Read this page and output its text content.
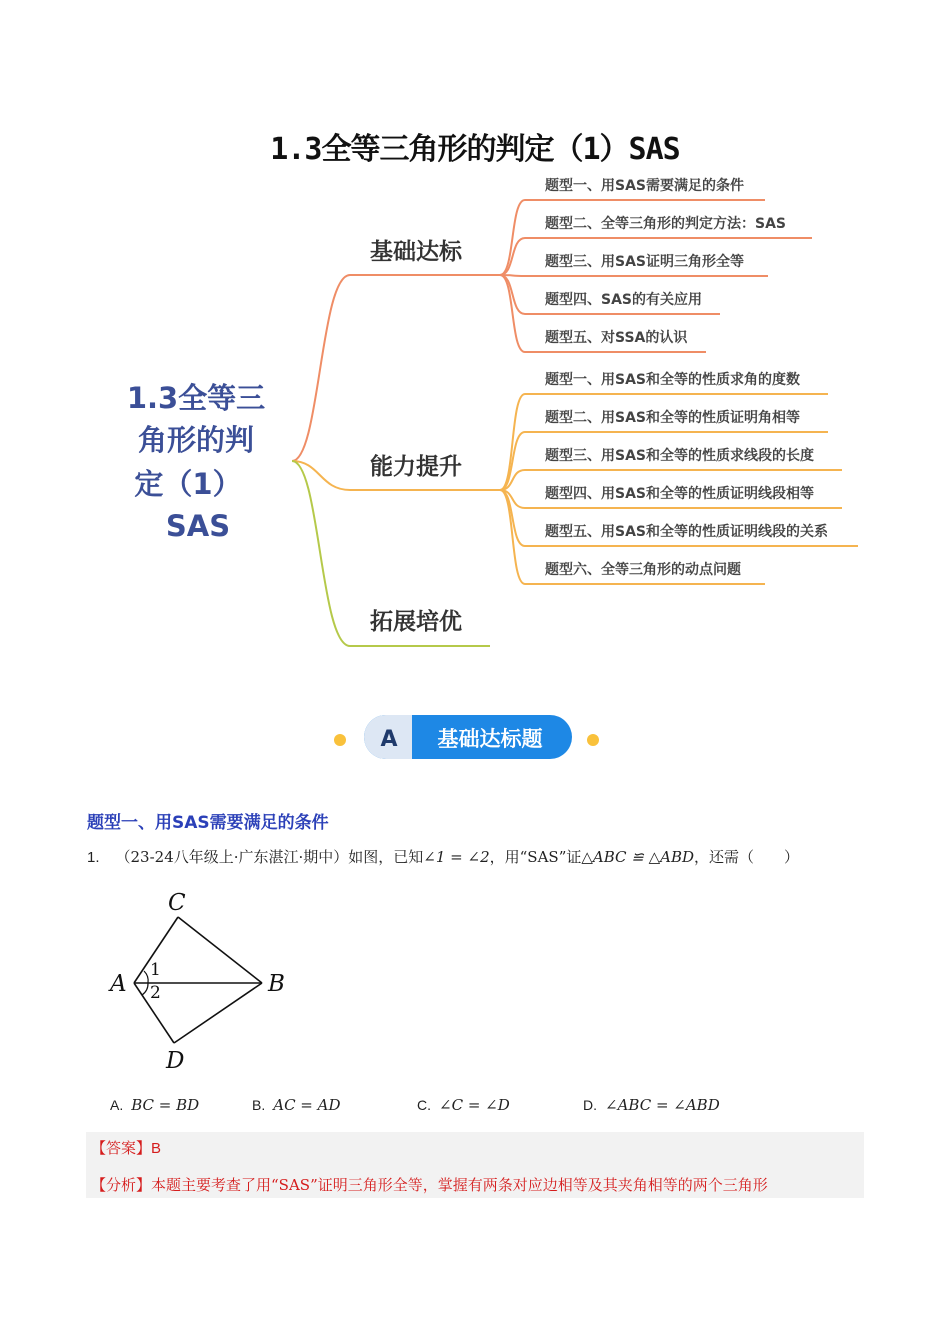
1.3全等三角形的判定（1）SAS
1.3全等三
角形的判
定（1）
SAS
基础达标
能力提升
拓展培优
题型一、用SAS需要满足的条件
题型二、全等三角形的判定方法：SAS
题型三、用SAS证明三角形全等
题型四、SAS的有关应用
题型五、对SSA的认识
题型一、用SAS和全等的性质求角的度数
题型二、用SAS和全等的性质证明角相等
题型三、用SAS和全等的性质求线段的长度
题型四、用SAS和全等的性质证明线段相等
题型五、用SAS和全等的性质证明线段的关系
题型六、全等三角形的动点问题
A 基础达标题
题型一、用SAS需要满足的条件
1. （23-24八年级上·广东湛江·期中）如图，已知∠1 = ∠2，用“SAS”证△ABC ≌ △ABD，还需（　　）
C
A	B
D
1
2
A. BC = BD	B. AC = AD	C. ∠C = ∠D	D. ∠ABC = ∠ABD
【答案】B
【分析】本题主要考查了用“SAS”证明三角形全等，掌握有两条对应边相等及其夹角相等的两个三角形
